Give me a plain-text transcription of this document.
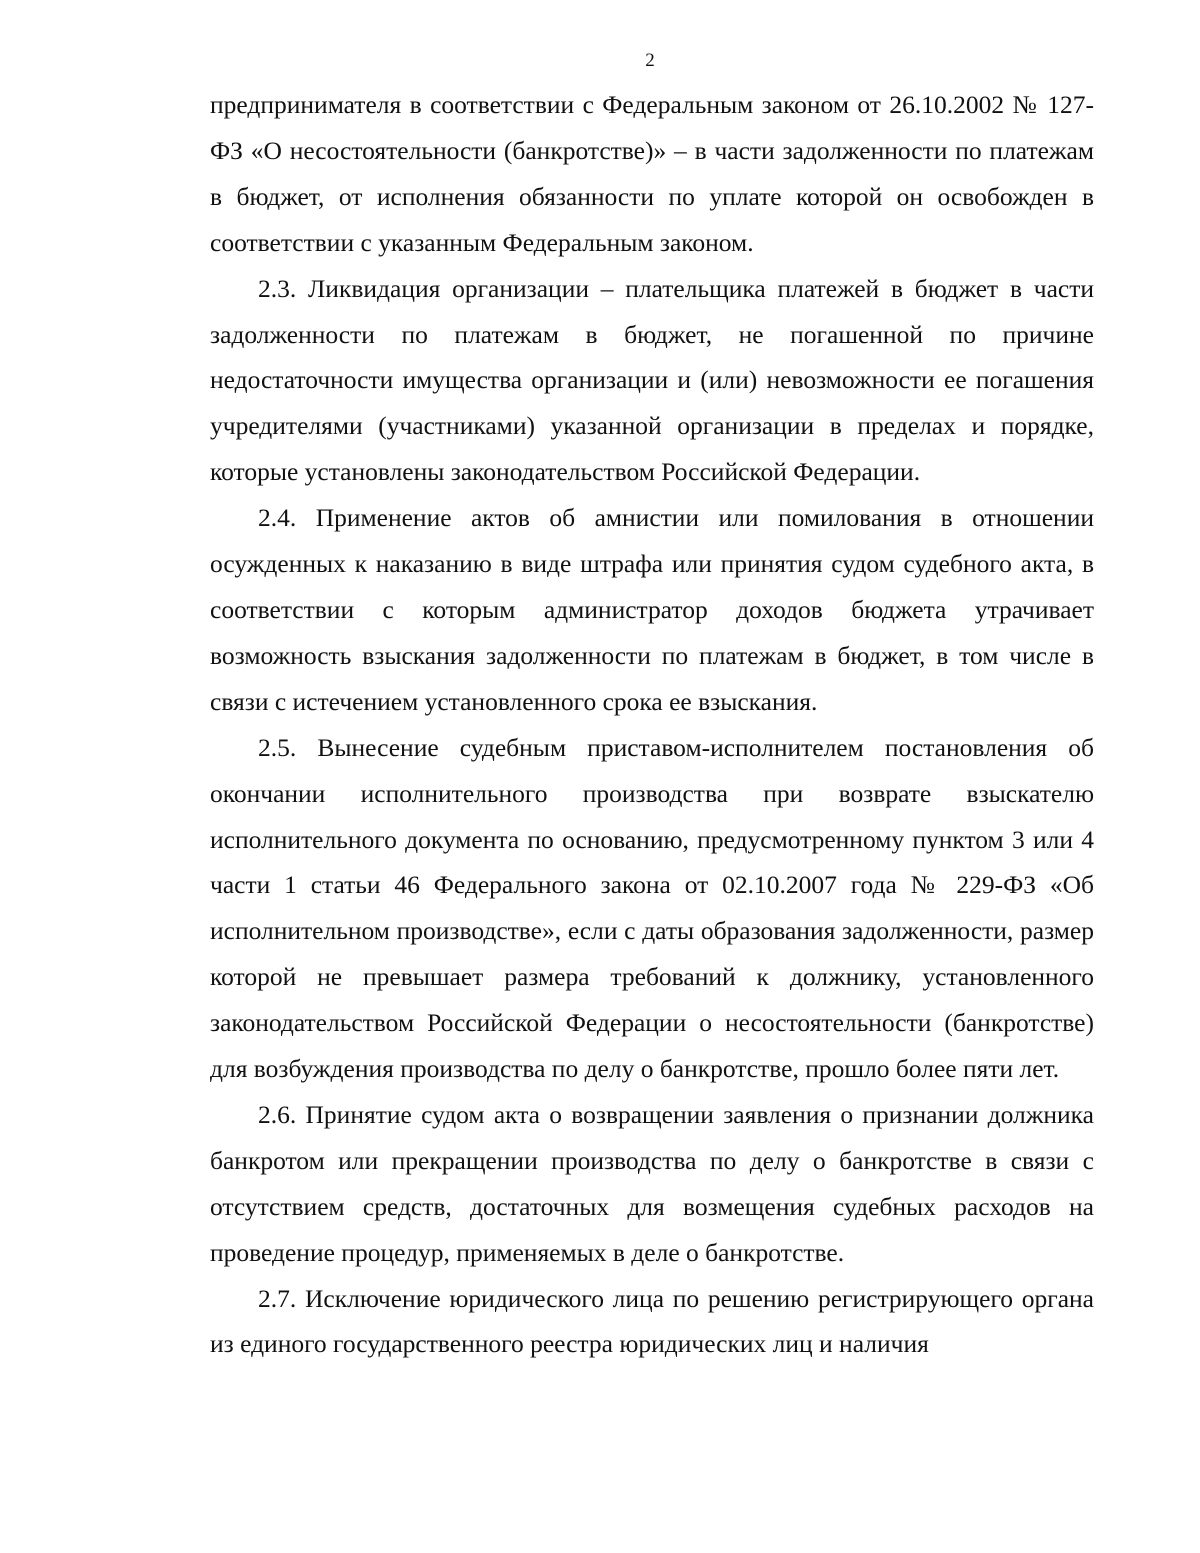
2

предпринимателя в соответствии с Федеральным законом от 26.10.2002 № 127-ФЗ «О несостоятельности (банкротстве)» – в части задолженности по платежам в бюджет, от исполнения обязанности по уплате которой он освобожден в соответствии с указанным Федеральным законом.

2.3. Ликвидация организации – плательщика платежей в бюджет в части задолженности по платежам в бюджет, не погашенной по причине недостаточности имущества организации и (или) невозможности ее погашения учредителями (участниками) указанной организации в пределах и порядке, которые установлены законодательством Российской Федерации.

2.4. Применение актов об амнистии или помилования в отношении осужденных к наказанию в виде штрафа или принятия судом судебного акта, в соответствии с которым администратор доходов бюджета утрачивает возможность взыскания задолженности по платежам в бюджет, в том числе в связи с истечением установленного срока ее взыскания.

2.5. Вынесение судебным приставом-исполнителем постановления об окончании исполнительного производства при возврате взыскателю исполнительного документа по основанию, предусмотренному пунктом 3 или 4 части 1 статьи 46 Федерального закона от 02.10.2007 года № 229-ФЗ «Об исполнительном производстве», если с даты образования задолженности, размер которой не превышает размера требований к должнику, установленного законодательством Российской Федерации о несостоятельности (банкротстве) для возбуждения производства по делу о банкротстве, прошло более пяти лет.

2.6. Принятие судом акта о возвращении заявления о признании должника банкротом или прекращении производства по делу о банкротстве в связи с отсутствием средств, достаточных для возмещения судебных расходов на проведение процедур, применяемых в деле о банкротстве.

2.7. Исключение юридического лица по решению регистрирующего органа из единого государственного реестра юридических лиц и наличия
